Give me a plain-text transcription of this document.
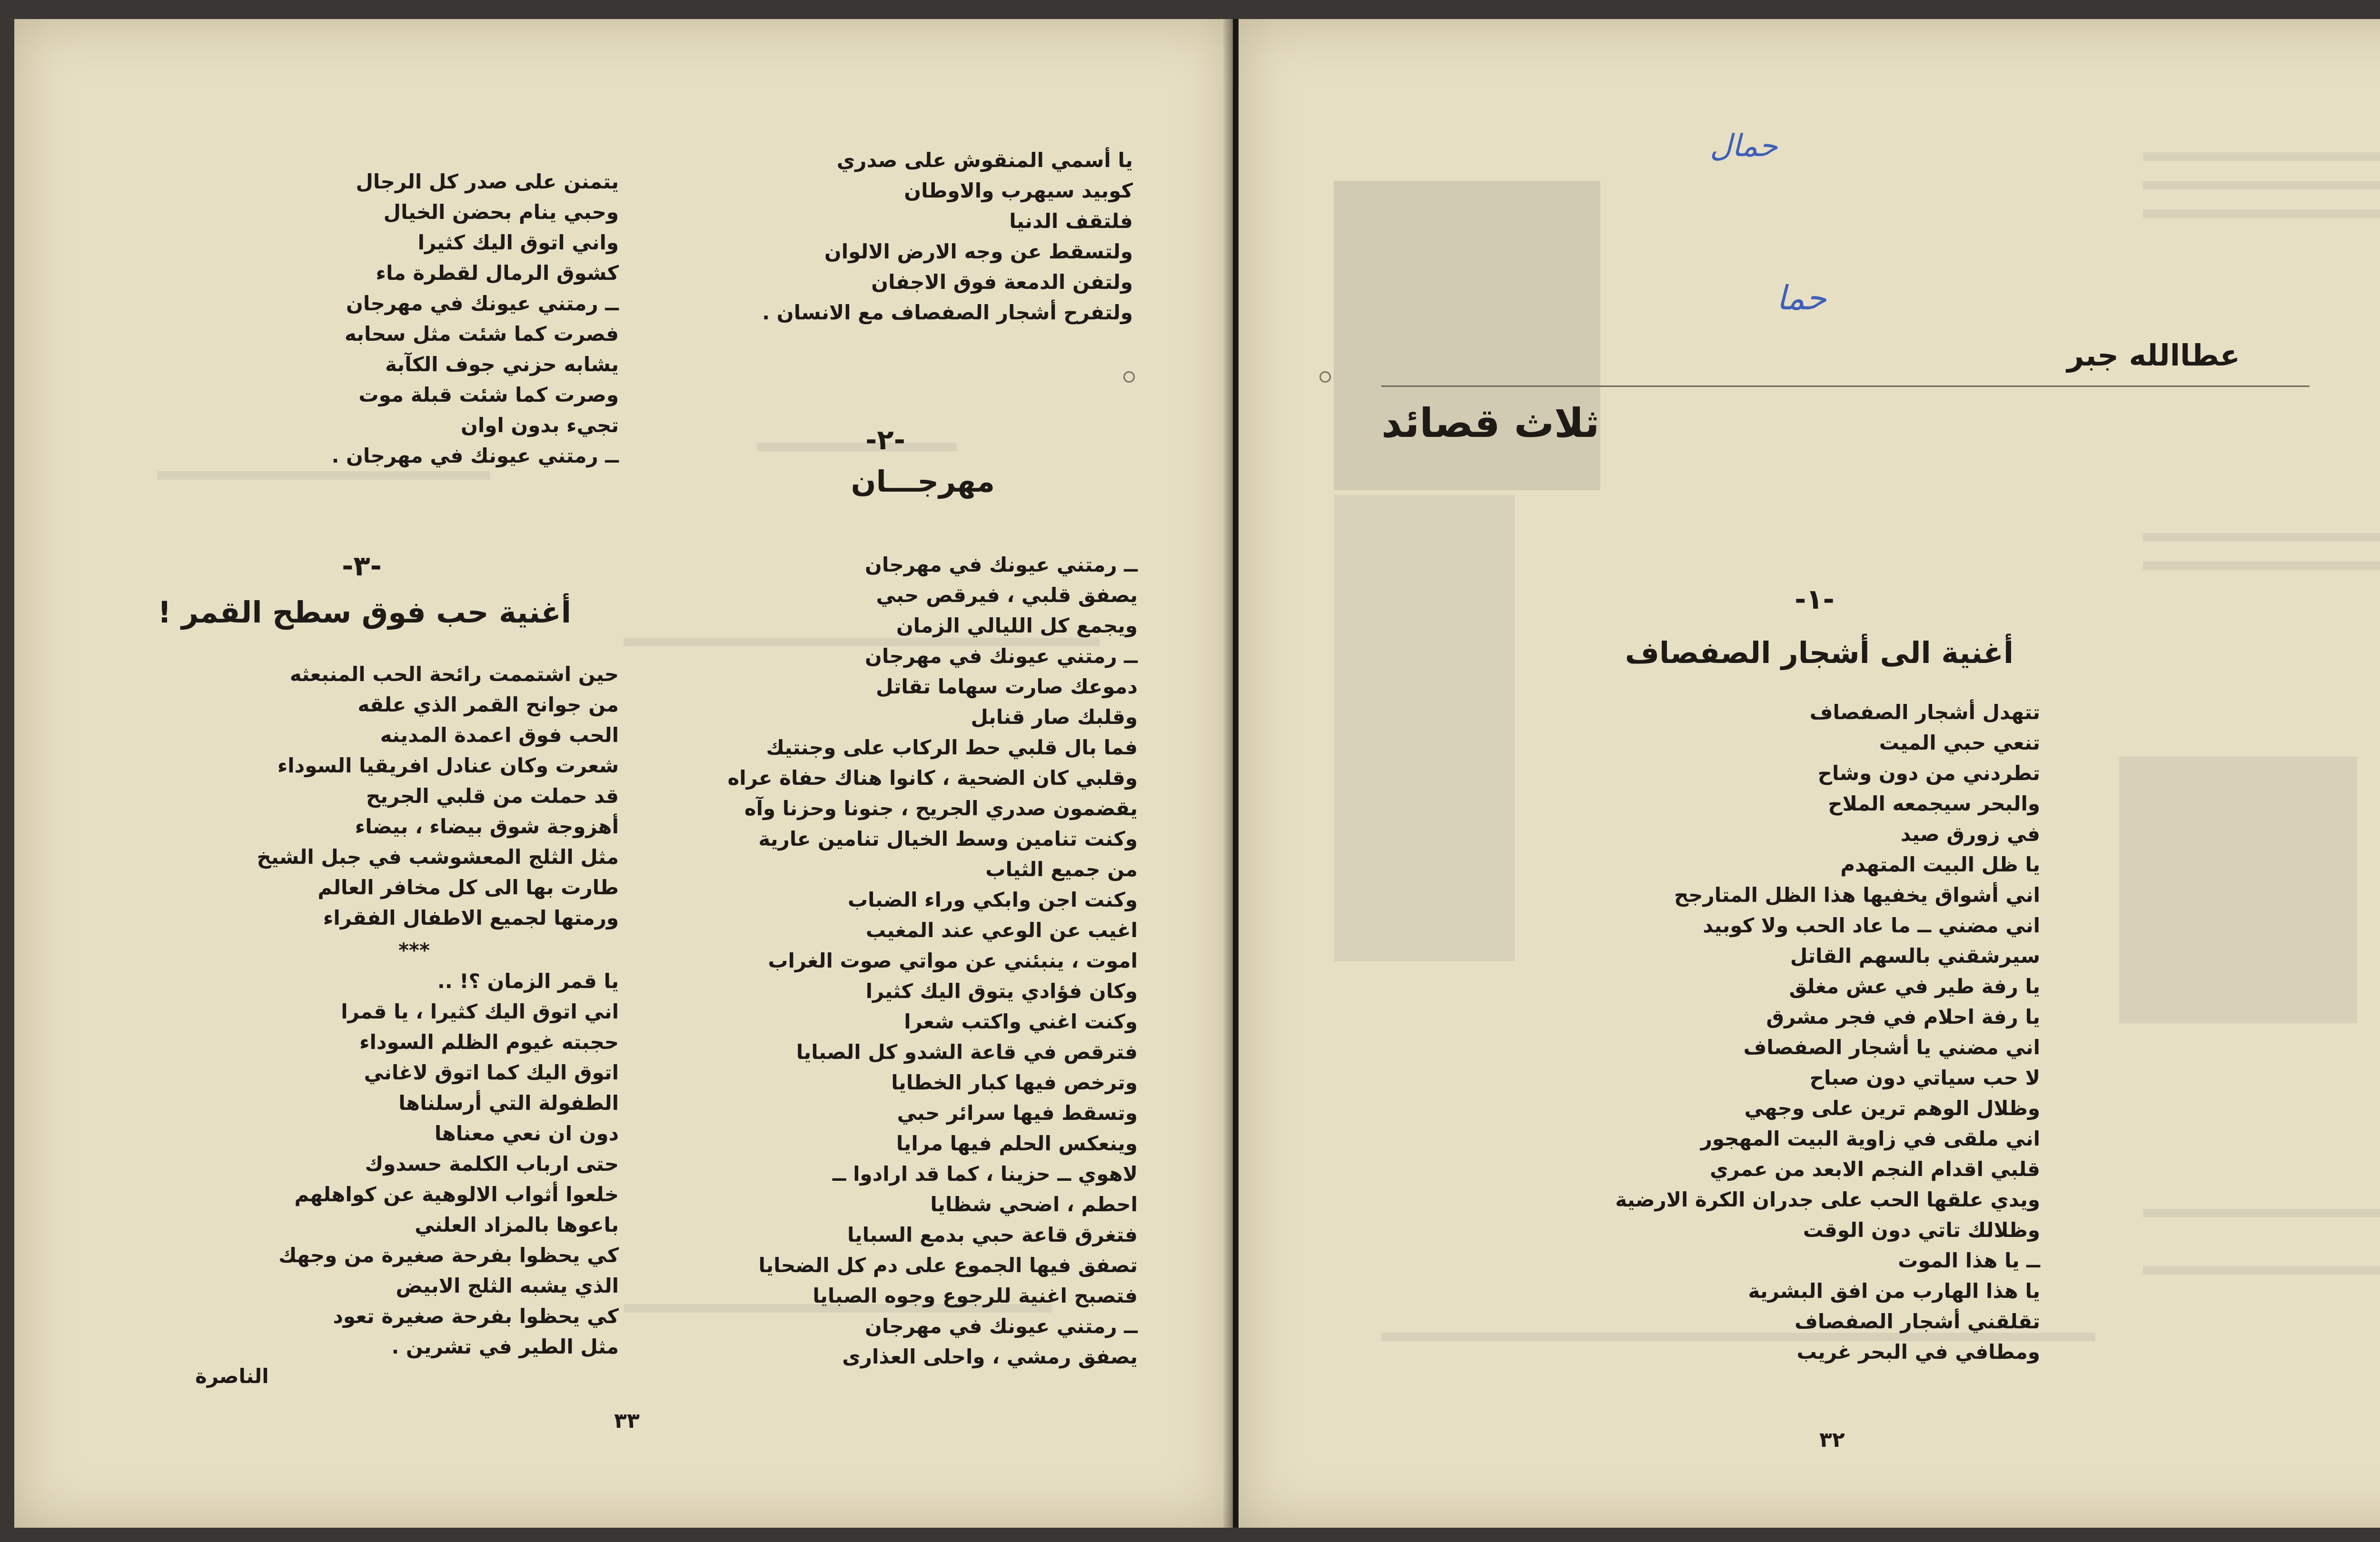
يا أسمي المنقوش على صدري
كوبيد سيهرب والاوطان
فلتقف الدنيا
ولتسقط عن وجه الارض الالوان
ولتفن الدمعة فوق الاجفان
ولتفرح أشجار الصفصاف مع الانسان .
-٢-
مهرجـــان
ــ رمتني عيونك في مهرجان
يصفق قلبي ، فيرقص حبي
ويجمع كل الليالي الزمان
ــ رمتني عيونك في مهرجان
دموعك صارت سهاما تقاتل
وقلبك صار قنابل
فما بال قلبي حط الركاب على وجنتيك
وقلبي كان الضحية ، كانوا هناك حفاة عراه
يقضمون صدري الجريح ، جنونا وحزنا وآه
وكنت تنامين وسط الخيال تنامين عارية
من جميع الثياب
وكنت اجن وابكي وراء الضباب
اغيب عن الوعي عند المغيب
اموت ، ينبئني عن مواتي صوت الغراب
وكان فؤادي يتوق اليك كثيرا
وكنت اغني واكتب شعرا
فترقص في قاعة الشدو كل الصبايا
وترخص فيها كبار الخطايا
وتسقط فيها سرائر حبي
وينعكس الحلم فيها مرايا
لاهوي ــ حزينا ، كما قد ارادوا ــ
احطم ، اضحي شظايا
فتغرق قاعة حبي بدمع السبايا
تصفق فيها الجموع على دم كل الضحايا
فتصبح اغنية للرجوع وجوه الصبايا
ــ رمتني عيونك في مهرجان
يصفق رمشي ، واحلى العذارى
يتمنن على صدر كل الرجال
وحبي ينام بحضن الخيال
واني اتوق اليك كثيرا
كشوق الرمال لقطرة ماء
ــ رمتني عيونك في مهرجان
فصرت كما شئت مثل سحابه
يشابه حزني جوف الكآبة
وصرت كما شئت قبلة موت
تجيء بدون اوان
ــ رمتني عيونك في مهرجان .
-٣-
أغنية حب فوق سطح القمر !
حين اشتممت رائحة الحب المنبعثه
من جوانح القمر الذي علقه
الحب فوق اعمدة المدينه
شعرت وكان عنادل افريقيا السوداء
قد حملت من قلبي الجريح
أهزوجة شوق بيضاء ، بيضاء
مثل الثلج المعشوشب في جبل الشيخ
طارت بها الى كل مخافر العالم
ورمتها لجميع الاطفال الفقراء
***
يا قمر الزمان ؟! ..
اني اتوق اليك كثيرا ، يا قمرا
حجبته غيوم الظلم السوداء
اتوق اليك كما اتوق لاغاني
الطفولة التي أرسلناها
دون ان نعي معناها
حتى ارباب الكلمة حسدوك
خلعوا أثواب الالوهية عن كواهلهم
باعوها بالمزاد العلني
كي يحظوا بفرحة صغيرة من وجهك
الذي يشبه الثلج الابيض
كي يحظوا بفرحة صغيرة تعود
مثل الطير في تشرين .
الناصرة
٣٣
حمال
حما
عطاالله جبر
ثلاث قصائد
-١-
أغنية الى أشجار الصفصاف
تتهدل أشجار الصفصاف
تنعي حبي الميت
تطردني من دون وشاح
والبحر سيجمعه الملاح
في زورق صيد
يا ظل البيت المتهدم
اني أشواق يخفيها هذا الظل المتارجح
اني مضني ــ ما عاد الحب ولا كوبيد
سيرشقني بالسهم القاتل
يا رفة طير في عش مغلق
يا رفة احلام في فجر مشرق
اني مضني يا أشجار الصفصاف
لا حب سياتي دون صباح
وظلال الوهم ترين على وجهي
اني ملقى في زاوية البيت المهجور
قلبي اقدام النجم الابعد من عمري
ويدي علقها الحب على جدران الكرة الارضية
وظلالك تاتي دون الوقت
ــ يا هذا الموت
يا هذا الهارب من افق البشرية
تقلقني أشجار الصفصاف
ومطافي في البحر غريب
٣٢
